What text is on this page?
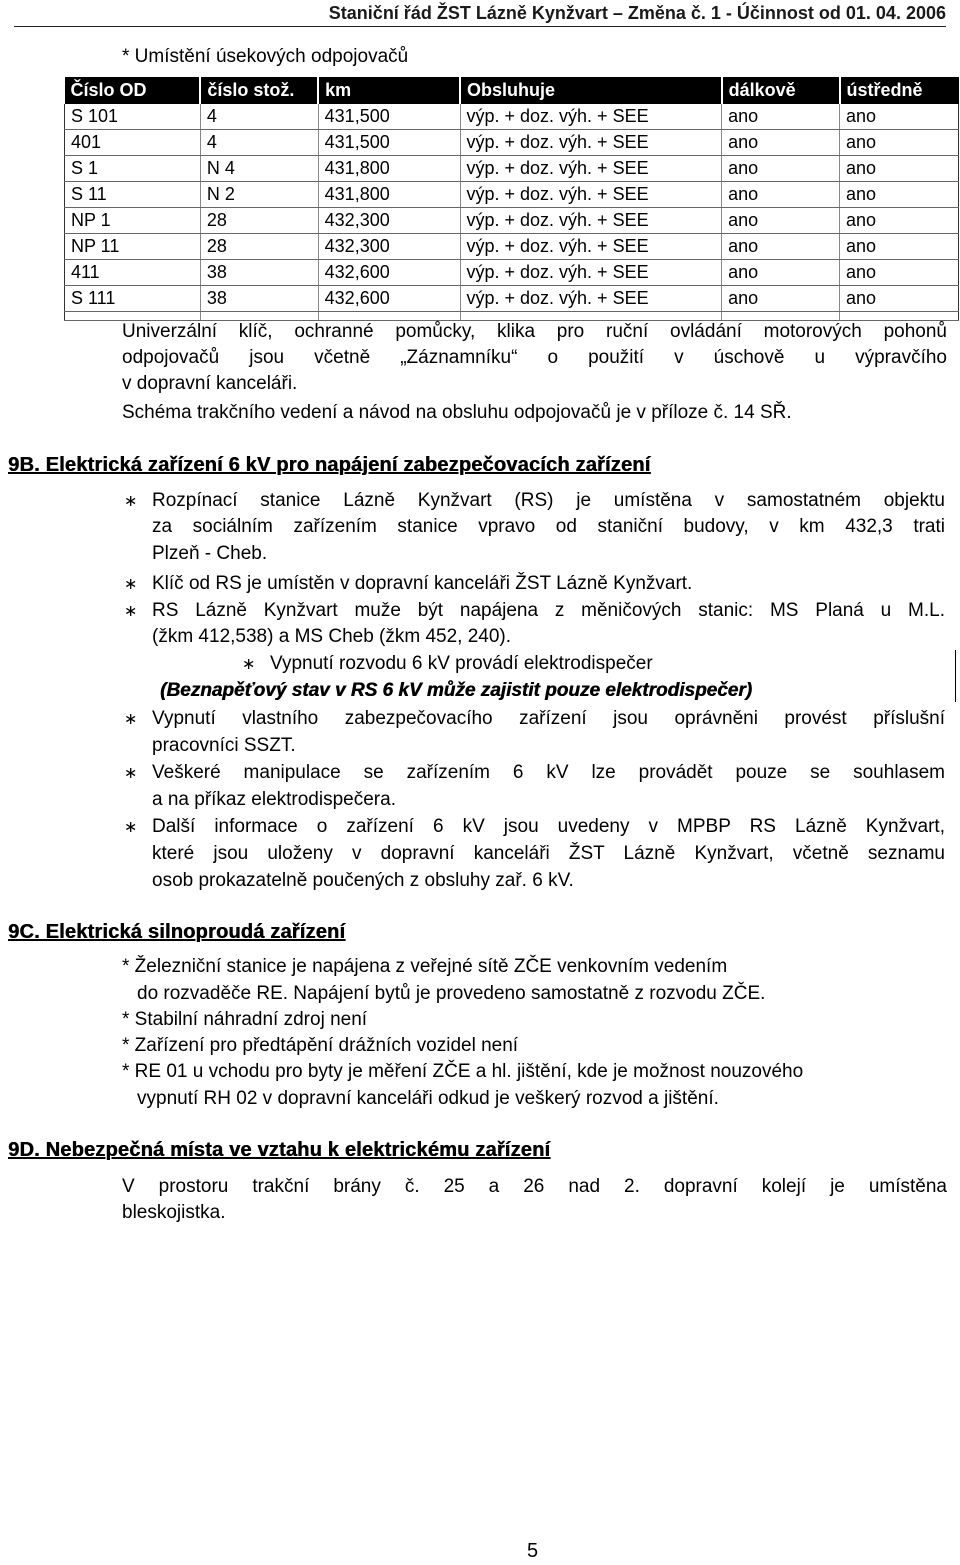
Staniční řád ŽST Lázně Kynžvart – Změna č. 1 - Účinnost od 01. 04. 2006
* Umístění úsekových odpojovačů
Číslo OD	číslo stož.	km	Obsluhuje	dálkově	ústředně
S 101	4	431,500	výp. + doz. výh. + SEE	ano	ano
401	4	431,500	výp. + doz. výh. + SEE	ano	ano
S 1	N 4	431,800	výp. + doz. výh. + SEE	ano	ano
S 11	N 2	431,800	výp. + doz. výh. + SEE	ano	ano
NP 1	28	432,300	výp. + doz. výh. + SEE	ano	ano
NP 11	28	432,300	výp. + doz. výh. + SEE	ano	ano
411	38	432,600	výp. + doz. výh. + SEE	ano	ano
S 111	38	432,600	výp. + doz. výh. + SEE	ano	ano

Univerzální klíč, ochranné pomůcky, klika pro ruční ovládání motorových pohonů
odpojovačů jsou včetně „Záznamníku“ o použití v úschově u výpravčího
v dopravní kanceláři.
Schéma trakčního vedení a návod na obsluhu odpojovačů je v příloze č. 14 SŘ.
9B. Elektrická zařízení 6 kV pro napájení zabezpečovacích zařízení
∗ Rozpínací stanice Lázně Kynžvart (RS) je umístěna v samostatném objektu
za sociálním zařízením stanice vpravo od staniční budovy, v km 432,3 trati
Plzeň - Cheb.
∗ Klíč od RS je umístěn v dopravní kanceláři ŽST Lázně Kynžvart.
∗ RS Lázně Kynžvart muže být napájena z měničových stanic: MS Planá u M.L.
(žkm 412,538) a MS Cheb (žkm 452, 240).
∗ Vypnutí rozvodu 6 kV provádí elektrodispečer
(Beznapěťový stav v RS 6 kV může zajistit pouze elektrodispečer)
∗ Vypnutí vlastního zabezpečovacího zařízení jsou oprávněni provést příslušní
pracovníci SSZT.
∗ Veškeré manipulace se zařízením 6 kV lze provádět pouze se souhlasem
a na příkaz elektrodispečera.
∗ Další informace o zařízení 6 kV jsou uvedeny v MPBP RS Lázně Kynžvart,
které jsou uloženy v dopravní kanceláři ŽST Lázně Kynžvart, včetně seznamu
osob prokazatelně poučených z obsluhy zař. 6 kV.
9C. Elektrická silnoproudá zařízení
* Železniční stanice je napájena z veřejné sítě ZČE venkovním vedením
do rozvaděče RE. Napájení bytů je provedeno samostatně z rozvodu ZČE.
* Stabilní náhradní zdroj není
* Zařízení pro předtápění drážních vozidel není
* RE 01 u vchodu pro byty je měření ZČE a hl. jištění, kde je možnost nouzového
vypnutí RH 02 v dopravní kanceláři odkud je veškerý rozvod a jištění.
9D. Nebezpečná místa ve vztahu k elektrickému zařízení
V prostoru trakční brány č. 25 a 26 nad 2. dopravní kolejí je umístěna
bleskojistka.
5
